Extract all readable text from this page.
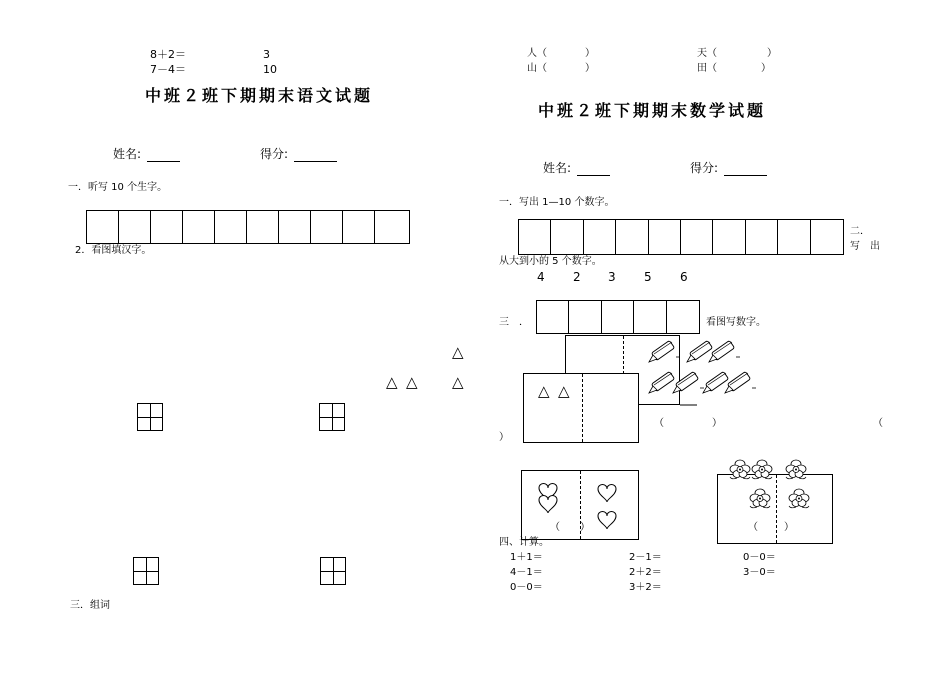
8＋2＝	3
7－4＝	10
中班２班下期期末语文试题
姓名:	得分:
一．听写 10 个生字。
2．看图填汉字。
△
△ △ △
三．组词
人（	）	天（	）
山（	）	田（	）
中班２班下期期末数学试题
姓名:	得分:
一．写出 1—10 个数字。
二．
写　出
从大到小的 5 个数字。
4 2 3 5 6
三　．	看图写数字。
△ △
（	）	（
）
（ ）	（	）
四、计算。
1＋1＝	2－1＝	0－0＝
4－1＝	2＋2＝	3－0＝
0－0＝	3＋2＝
